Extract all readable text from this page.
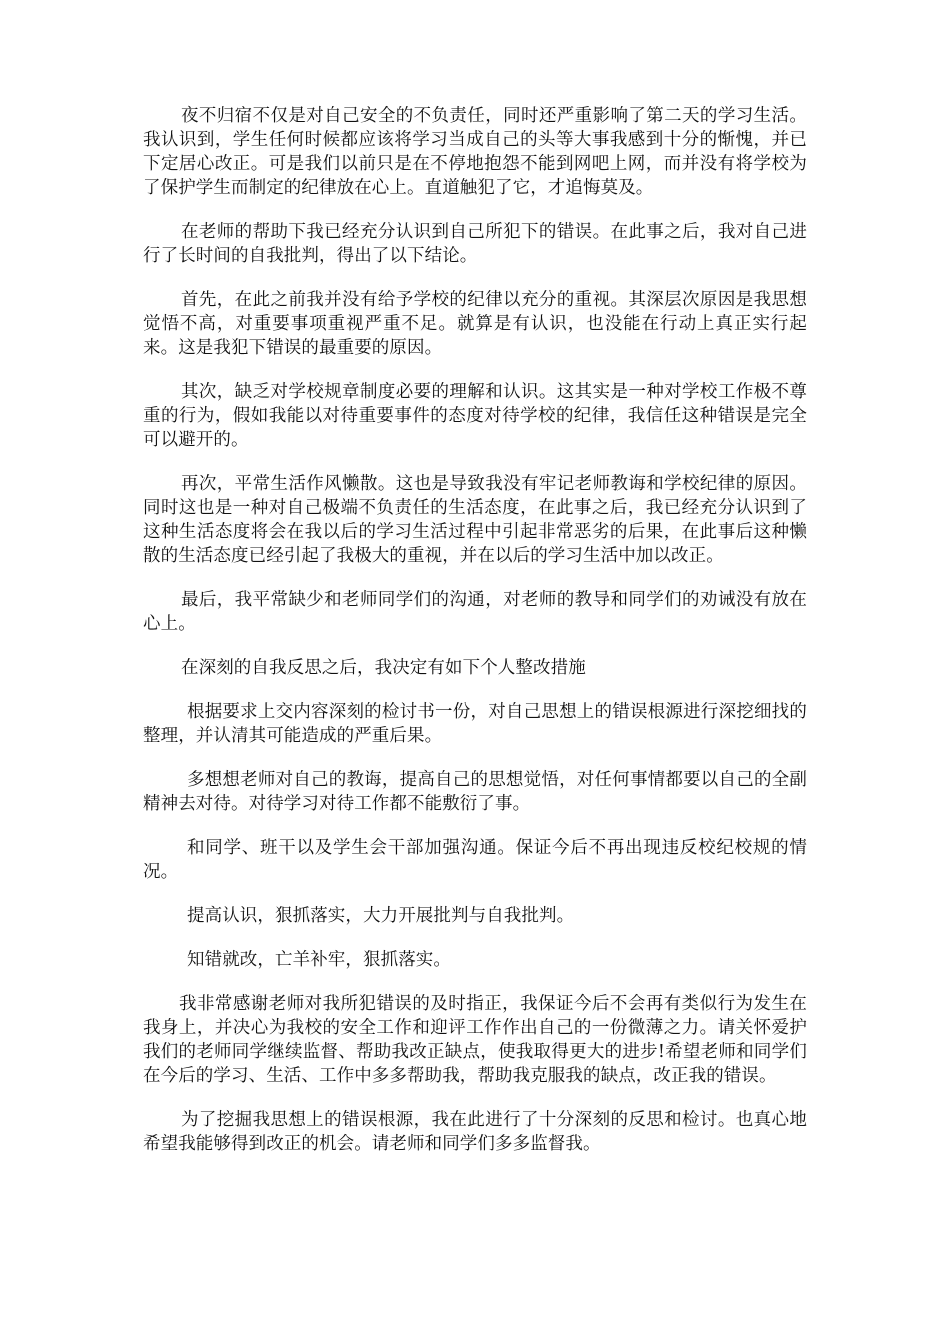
夜不归宿不仅是对自己安全的不负责任，同时还严重影响了第二天的学习生活。我认识到，学生任何时候都应该将学习当成自己的头等大事我感到十分的惭愧，并已下定居心改正。可是我们以前只是在不停地抱怨不能到网吧上网，而并没有将学校为了保护学生而制定的纪律放在心上。直道触犯了它，才追悔莫及。

在老师的帮助下我已经充分认识到自己所犯下的错误。在此事之后，我对自己进行了长时间的自我批判，得出了以下结论。

首先，在此之前我并没有给予学校的纪律以充分的重视。其深层次原因是我思想觉悟不高，对重要事项重视严重不足。就算是有认识，也没能在行动上真正实行起来。这是我犯下错误的最重要的原因。

其次，缺乏对学校规章制度必要的理解和认识。这其实是一种对学校工作极不尊重的行为，假如我能以对待重要事件的态度对待学校的纪律，我信任这种错误是完全可以避开的。

再次，平常生活作风懒散。这也是导致我没有牢记老师教诲和学校纪律的原因。同时这也是一种对自己极端不负责任的生活态度，在此事之后，我已经充分认识到了这种生活态度将会在我以后的学习生活过程中引起非常恶劣的后果，在此事后这种懒散的生活态度已经引起了我极大的重视，并在以后的学习生活中加以改正。

最后，我平常缺少和老师同学们的沟通，对老师的教导和同学们的劝诫没有放在心上。

在深刻的自我反思之后，我决定有如下个人整改措施

根据要求上交内容深刻的检讨书一份，对自己思想上的错误根源进行深挖细找的整理，并认清其可能造成的严重后果。

多想想老师对自己的教诲，提高自己的思想觉悟，对任何事情都要以自己的全副精神去对待。对待学习对待工作都不能敷衍了事。

和同学、班干以及学生会干部加强沟通。保证今后不再出现违反校纪校规的情况。

提高认识，狠抓落实，大力开展批判与自我批判。

知错就改，亡羊补牢，狠抓落实。

我非常感谢老师对我所犯错误的及时指正，我保证今后不会再有类似行为发生在我身上，并决心为我校的安全工作和迎评工作作出自己的一份微薄之力。请关怀爱护我们的老师同学继续监督、帮助我改正缺点，使我取得更大的进步!希望老师和同学们在今后的学习、生活、工作中多多帮助我，帮助我克服我的缺点，改正我的错误。

为了挖掘我思想上的错误根源，我在此进行了十分深刻的反思和检讨。也真心地希望我能够得到改正的机会。请老师和同学们多多监督我。
